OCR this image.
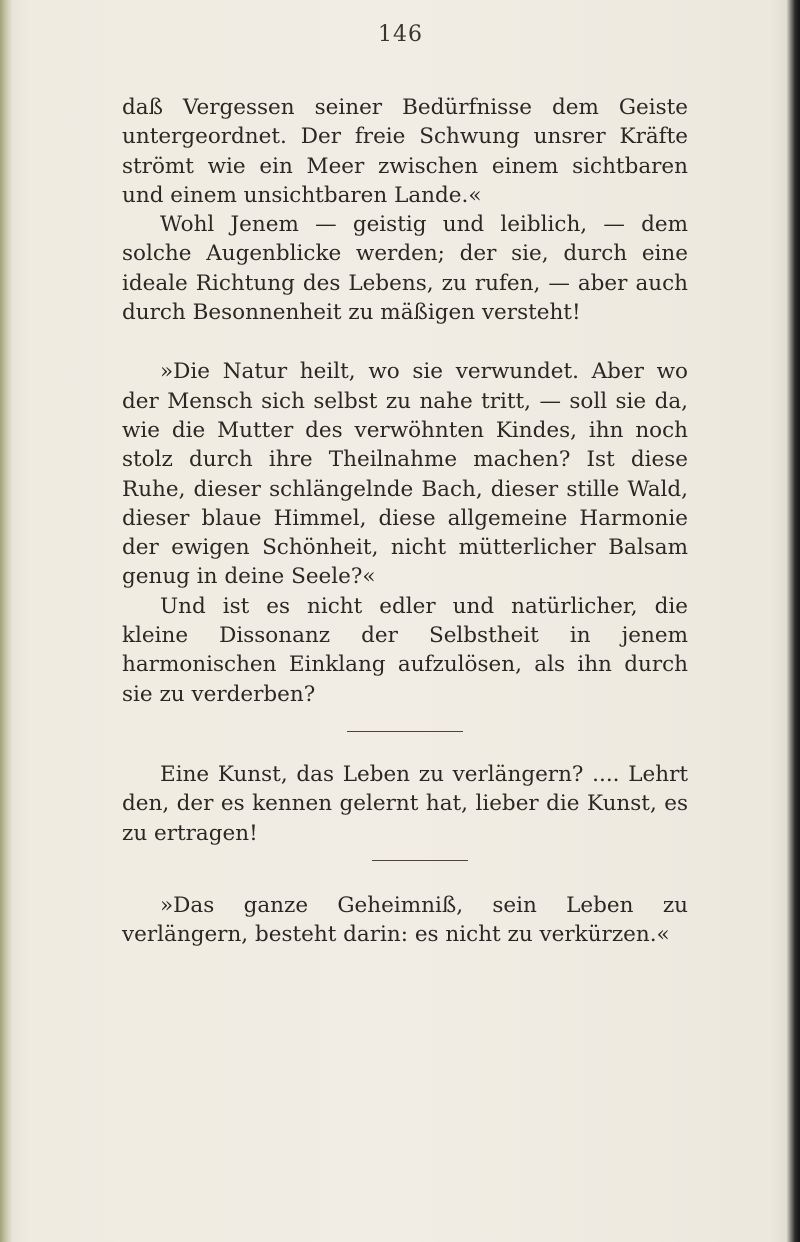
146

daß Vergessen seiner Bedürfnisse dem Geiste untergeordnet. Der freie Schwung unsrer Kräfte strömt wie ein Meer zwischen einem sichtbaren und einem unsichtbaren Lande.«

Wohl Jenem — geistig und leiblich, — dem solche Augenblicke werden; der sie, durch eine ideale Richtung des Lebens, zu rufen, — aber auch durch Besonnenheit zu mäßigen versteht!

»Die Natur heilt, wo sie verwundet. Aber wo der Mensch sich selbst zu nahe tritt, — soll sie da, wie die Mutter des verwöhnten Kindes, ihn noch stolz durch ihre Theilnahme machen? Ist diese Ruhe, dieser schlängelnde Bach, dieser stille Wald, dieser blaue Himmel, diese allgemeine Harmonie der ewigen Schönheit, nicht mütterlicher Balsam genug in deine Seele?«

Und ist es nicht edler und natürlicher, die kleine Dissonanz der Selbstheit in jenem harmonischen Einklang aufzulösen, als ihn durch sie zu verderben?

Eine Kunst, das Leben zu verlängern? .... Lehrt den, der es kennen gelernt hat, lieber die Kunst, es zu ertragen!

»Das ganze Geheimniß, sein Leben zu verlängern, besteht darin: es nicht zu verkürzen.«
